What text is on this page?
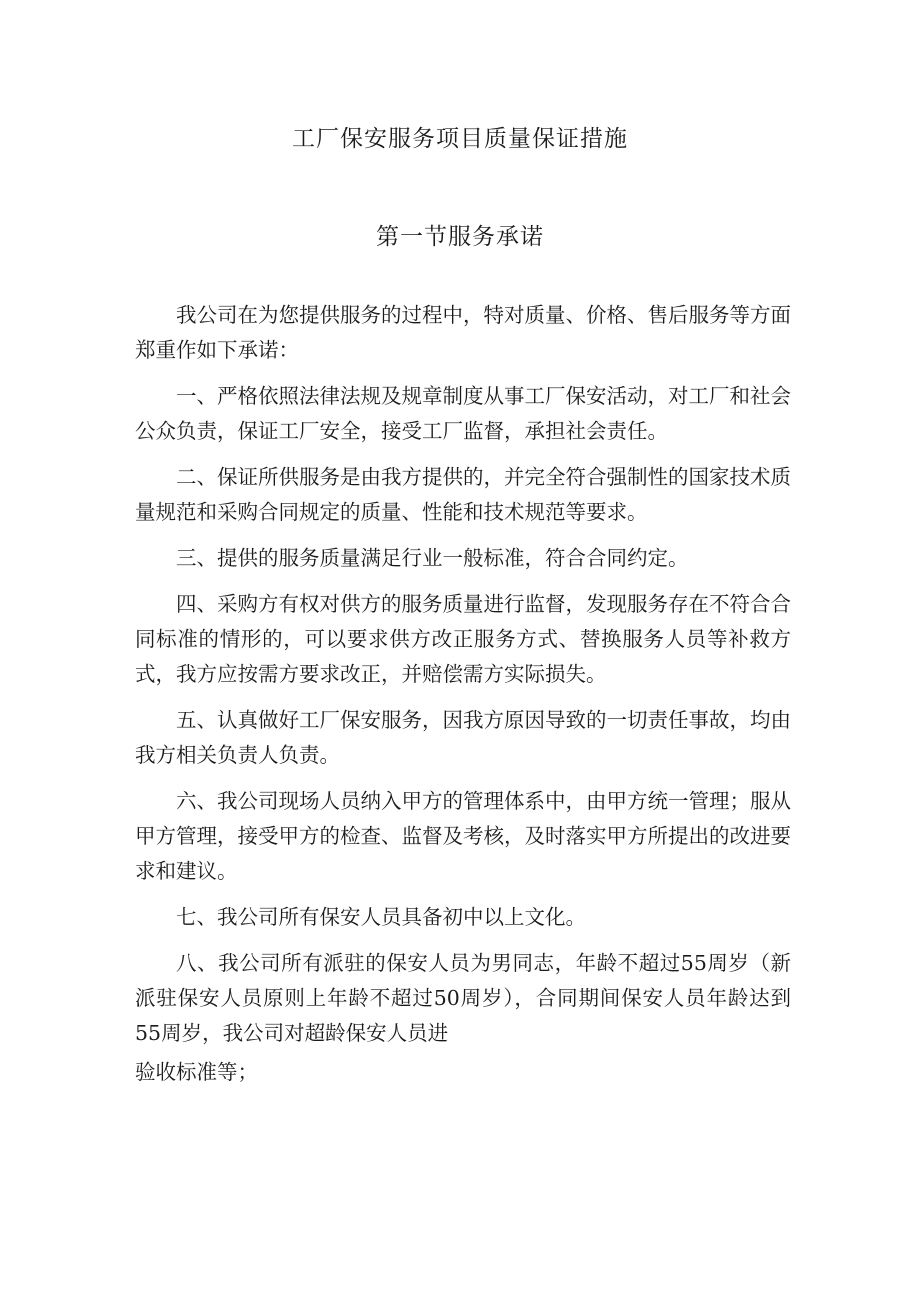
工厂保安服务项目质量保证措施
第一节服务承诺

我公司在为您提供服务的过程中，特对质量、价格、售后服务等方面郑重作如下承诺：

一、严格依照法律法规及规章制度从事工厂保安活动，对工厂和社会公众负责，保证工厂安全，接受工厂监督，承担社会责任。

二、保证所供服务是由我方提供的，并完全符合强制性的国家技术质量规范和采购合同规定的质量、性能和技术规范等要求。

三、提供的服务质量满足行业一般标准，符合合同约定。

四、采购方有权对供方的服务质量进行监督，发现服务存在不符合合同标准的情形的，可以要求供方改正服务方式、替换服务人员等补救方式，我方应按需方要求改正，并赔偿需方实际损失。

五、认真做好工厂保安服务，因我方原因导致的一切责任事故，均由我方相关负责人负责。

六、我公司现场人员纳入甲方的管理体系中，由甲方统一管理；服从甲方管理，接受甲方的检查、监督及考核，及时落实甲方所提出的改进要求和建议。

七、我公司所有保安人员具备初中以上文化。

八、我公司所有派驻的保安人员为男同志，年龄不超过55周岁（新派驻保安人员原则上年龄不超过50周岁），合同期间保安人员年龄达到55周岁，我公司对超龄保安人员进

验收标准等；
